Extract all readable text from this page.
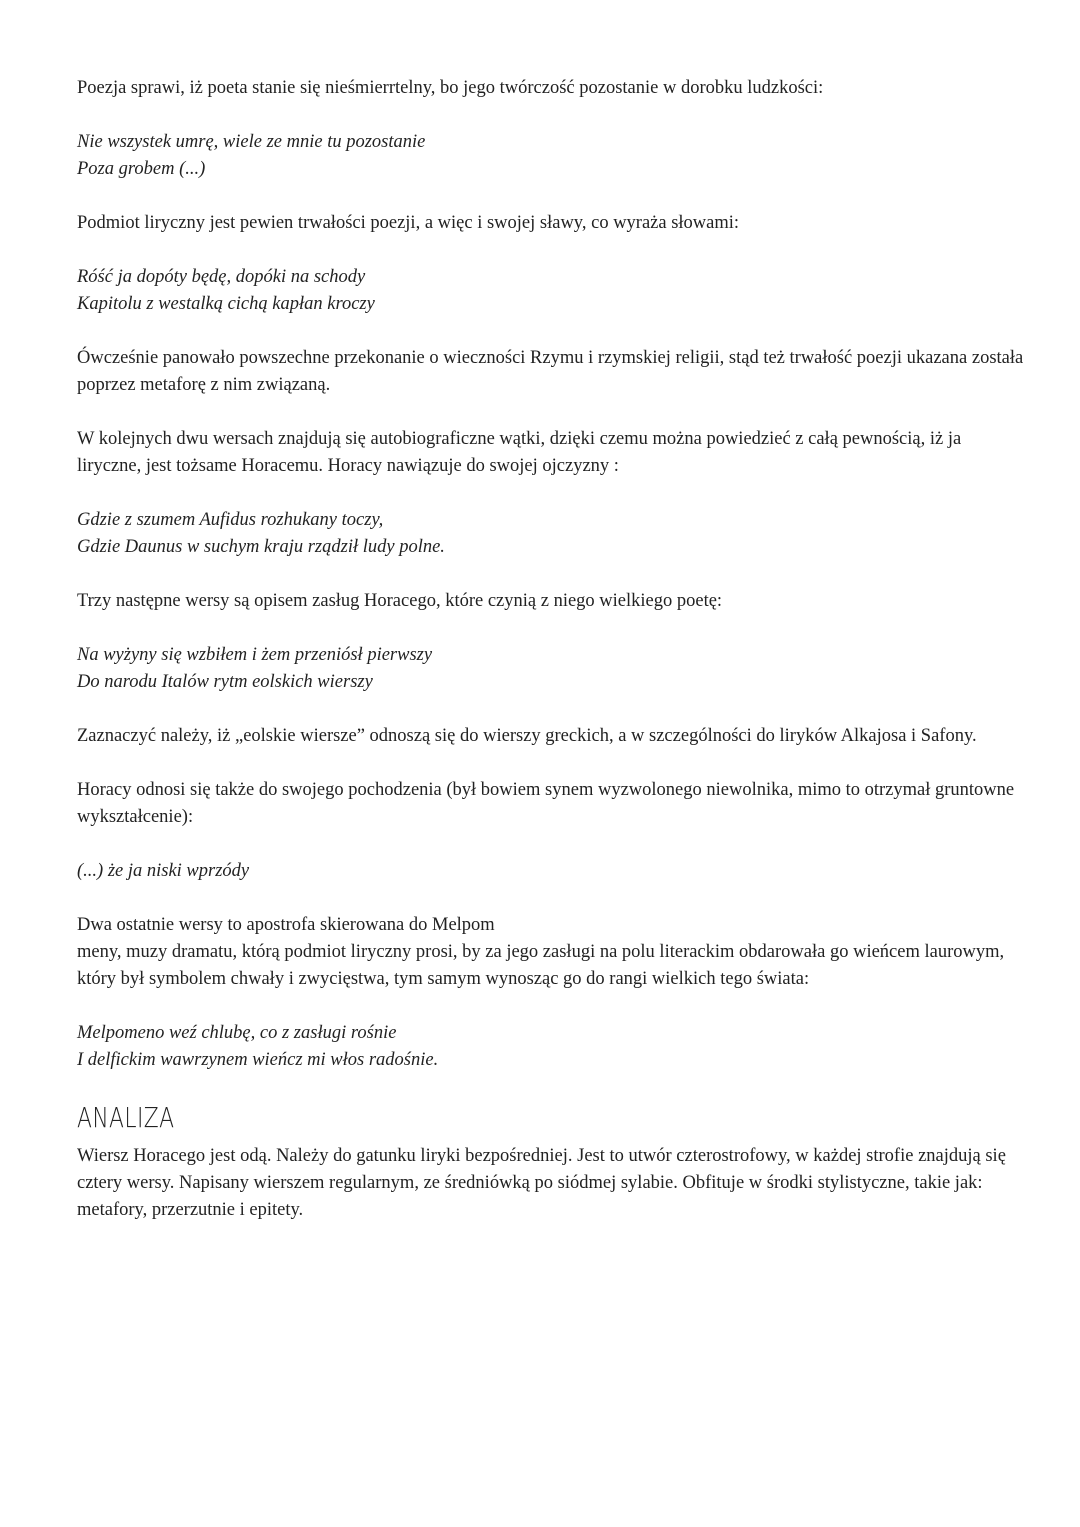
Poezja sprawi, iż poeta stanie się nieśmierrtelny, bo jego twórczość pozostanie w dorobku ludzkości:

Nie wszystek umrę, wiele ze mnie tu pozostanie
Poza grobem (...)

Podmiot liryczny jest pewien trwałości poezji, a więc i swojej sławy, co wyraża słowami:

Róść ja dopóty będę, dopóki na schody
Kapitolu z westalką cichą kapłan kroczy

Ówcześnie panowało powszechne przekonanie o wieczności Rzymu i rzymskiej religii, stąd też trwałość poezji ukazana została poprzez metaforę z nim związaną.

W kolejnych dwu wersach znajdują się autobiograficzne wątki, dzięki czemu można powiedzieć z całą pewnością, iż ja liryczne, jest tożsame Horacemu. Horacy nawiązuje do swojej ojczyzny :

Gdzie z szumem Aufidus rozhukany toczy,
Gdzie Daunus w suchym kraju rządził ludy polne.

Trzy następne wersy są opisem zasług Horacego, które czynią z niego wielkiego poetę:

Na wyżyny się wzbiłem i żem przeniósł pierwszy
Do narodu Italów rytm eolskich wierszy

Zaznaczyć należy, iż „eolskie wiersze” odnoszą się do wierszy greckich, a w szczególności do liryków Alkajosa i Safony.

Horacy odnosi się także do swojego pochodzenia (był bowiem synem wyzwolonego niewolnika, mimo to otrzymał gruntowne wykształcenie):

(...) że ja niski wprzódy
Dwa ostatnie wersy to apostrofa skierowana do Melpom
meny, muzy dramatu, którą podmiot liryczny prosi, by za jego zasługi na polu literackim obdarowała go wieńcem laurowym, który był symbolem chwały i zwycięstwa, tym samym wynosząc go do rangi wielkich tego świata:
Melpomeno weź chlubę, co z zasługi rośnie
I delfickim wawrzynem wieńcz mi włos radośnie.
ANALIZA

Wiersz Horacego jest odą. Należy do gatunku liryki bezpośredniej. Jest to utwór czterostrofowy, w każdej strofie znajdują się cztery wersy. Napisany wierszem regularnym, ze średniówką po siódmej sylabie. Obfituje w środki stylistyczne, takie jak: metafory, przerzutnie i epitety.
